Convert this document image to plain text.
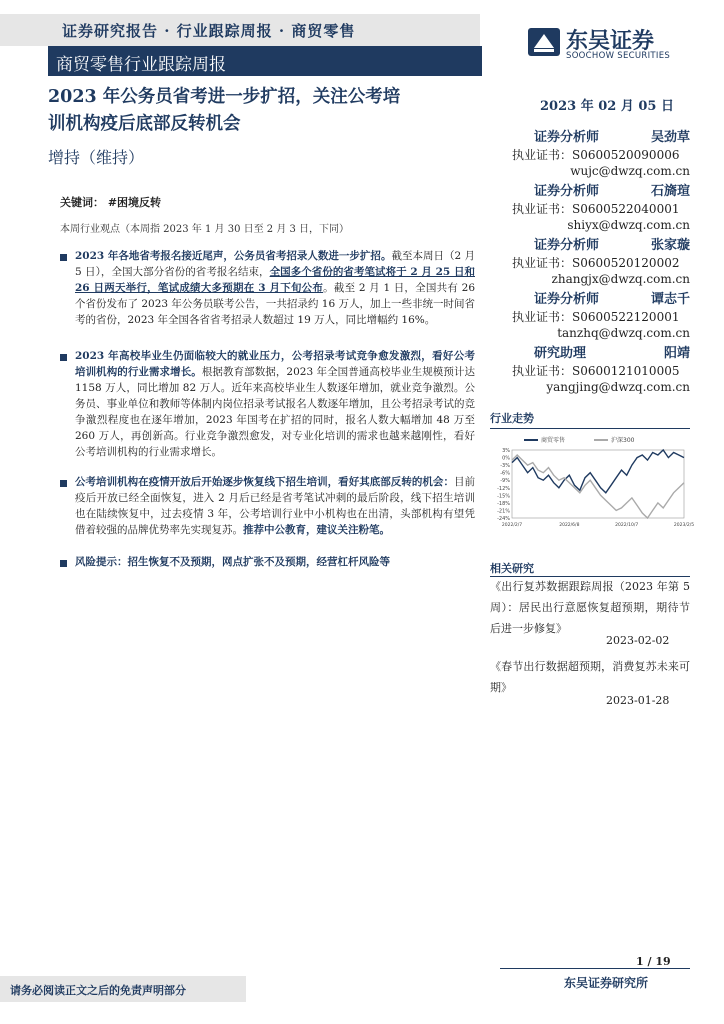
证券研究报告 · 行业跟踪周报 · 商贸零售
商贸零售行业跟踪周报
东吴证券
SOOCHOW SECURITIES
2023 年公务员省考进一步扩招，关注公考培
训机构疫后底部反转机会
增持（维持）
2023 年 02 月 05 日
证券分析师	吴劲草
执业证书：S0600520090006
wujc@dwzq.com.cn
证券分析师	石旖瑄
执业证书：S0600522040001
shiyx@dwzq.com.cn
证券分析师	张家璇
执业证书：S0600520120002
zhangjx@dwzq.com.cn
证券分析师	谭志千
执业证书：S0600522120001
tanzhq@dwzq.com.cn
研究助理	阳靖
执业证书：S0600121010005
yangjing@dwzq.com.cn
关键词： #困境反转
本周行业观点（本周指 2023 年 1 月 30 日至 2 月 3 日，下同）
2023 年各地省考报名接近尾声，公务员省考招录人数进一步扩招。截至本周日（2 月 5 日），全国大部分省份的省考报名结束，全国多个省份的省考笔试将于 2 月 25 日和 26 日两天举行，笔试成绩大多预期在 3 月下旬公布。截至 2 月 1 日，全国共有 26 个省份发布了 2023 年公务员联考公告，一共招录约 16 万人，加上一些非统一时间省考的省份，2023 年全国各省省考招录人数超过 19 万人，同比增幅约 16%。
2023 年高校毕业生仍面临较大的就业压力，公考招录考试竞争愈发激烈，看好公考培训机构的行业需求增长。根据教育部数据，2023 年全国普通高校毕业生规模预计达 1158 万人，同比增加 82 万人。近年来高校毕业生人数逐年增加，就业竞争激烈。公务员、事业单位和教师等体制内岗位招录考试报名人数逐年增加，且公考招录考试的竞争激烈程度也在逐年增加，2023 年国考在扩招的同时，报名人数大幅增加 48 万至 260 万人，再创新高。行业竞争激烈愈发，对专业化培训的需求也越来越刚性，看好公考培训机构的行业需求增长。
公考培训机构在疫情开放后开始逐步恢复线下招生培训，看好其底部反转的机会：目前疫后开放已经全面恢复，进入 2 月后已经是省考笔试冲刺的最后阶段，线下招生培训也在陆续恢复中，过去疫情 3 年，公考培训行业中小机构也在出清，头部机构有望凭借着较强的品牌优势率先实现复苏。推荐中公教育，建议关注粉笔。
风险提示：招生恢复不及预期，网点扩张不及预期，经营杠杆风险等
行业走势
3%
0%
-3%
-6%
-9%
-12%
-15%
-18%
-21%
-24%
2022/2/7	2022/6/8	2022/10/7	2023/2/5
商贸零售	沪深300
相关研究
《出行复苏数据跟踪周报（2023 年第 5 周）：居民出行意愿恢复超预期，期待节后进一步修复》
2023-02-02
《春节出行数据超预期，消费复苏未来可期》
2023-01-28
1 / 19
请务必阅读正文之后的免责声明部分
东吴证券研究所
